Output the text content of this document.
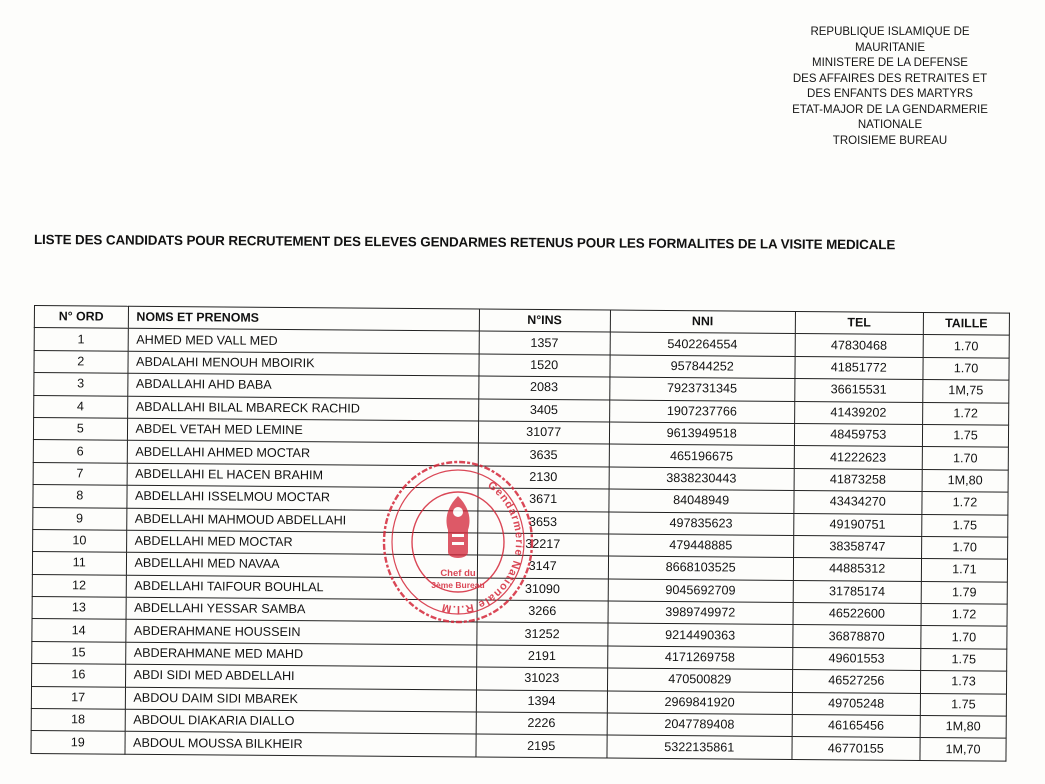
REPUBLIQUE ISLAMIQUE DE
MAURITANIE
MINISTERE DE LA DEFENSE
DES AFFAIRES DES RETRAITES ET
DES ENFANTS DES MARTYRS
ETAT-MAJOR DE LA GENDARMERIE
NATIONALE
TROISIEME BUREAU
LISTE DES CANDIDATS POUR RECRUTEMENT DES ELEVES GENDARMES RETENUS POUR LES FORMALITES DE LA VISITE MEDICALE
N° ORD	NOMS ET PRENOMS	N°INS	NNI	TEL	TAILLE
1	AHMED MED VALL MED	1357	5402264554	47830468	1.70
2	ABDALAHI MENOUH MBOIRIK	1520	957844252	41851772	1.70
3	ABDALLAHI AHD BABA	2083	7923731345	36615531	1M,75
4	ABDALLAHI BILAL MBARECK RACHID	3405	1907237766	41439202	1.72
5	ABDEL VETAH MED LEMINE	31077	9613949518	48459753	1.75
6	ABDELLAHI AHMED MOCTAR	3635	465196675	41222623	1.70
7	ABDELLAHI EL HACEN BRAHIM	2130	3838230443	41873258	1M,80
8	ABDELLAHI ISSELMOU MOCTAR	3671	84048949	43434270	1.72
9	ABDELLAHI MAHMOUD ABDELLAHI	3653	497835623	49190751	1.75
10	ABDELLAHI MED MOCTAR	32217	479448885	38358747	1.70
11	ABDELLAHI MED NAVAA	3147	8668103525	44885312	1.71
12	ABDELLAHI TAIFOUR BOUHLAL	31090	9045692709	31785174	1.79
13	ABDELLAHI YESSAR SAMBA	3266	3989749972	46522600	1.72
14	ABDERAHMANE HOUSSEIN	31252	9214490363	36878870	1.70
15	ABDERAHMANE MED MAHD	2191	4171269758	49601553	1.75
16	ABDI SIDI MED ABDELLAHI	31023	470500829	46527256	1.73
17	ABDOU DAIM SIDI MBAREK	1394	2969841920	49705248	1.75
18	ABDOUL DIAKARIA DIALLO	2226	2047789408	46165456	1M,80
19	ABDOUL MOUSSA BILKHEIR	2195	5322135861	46770155	1M,70
Gendarmerie Nationale R.I.M
Chef du
3ème Bureau
